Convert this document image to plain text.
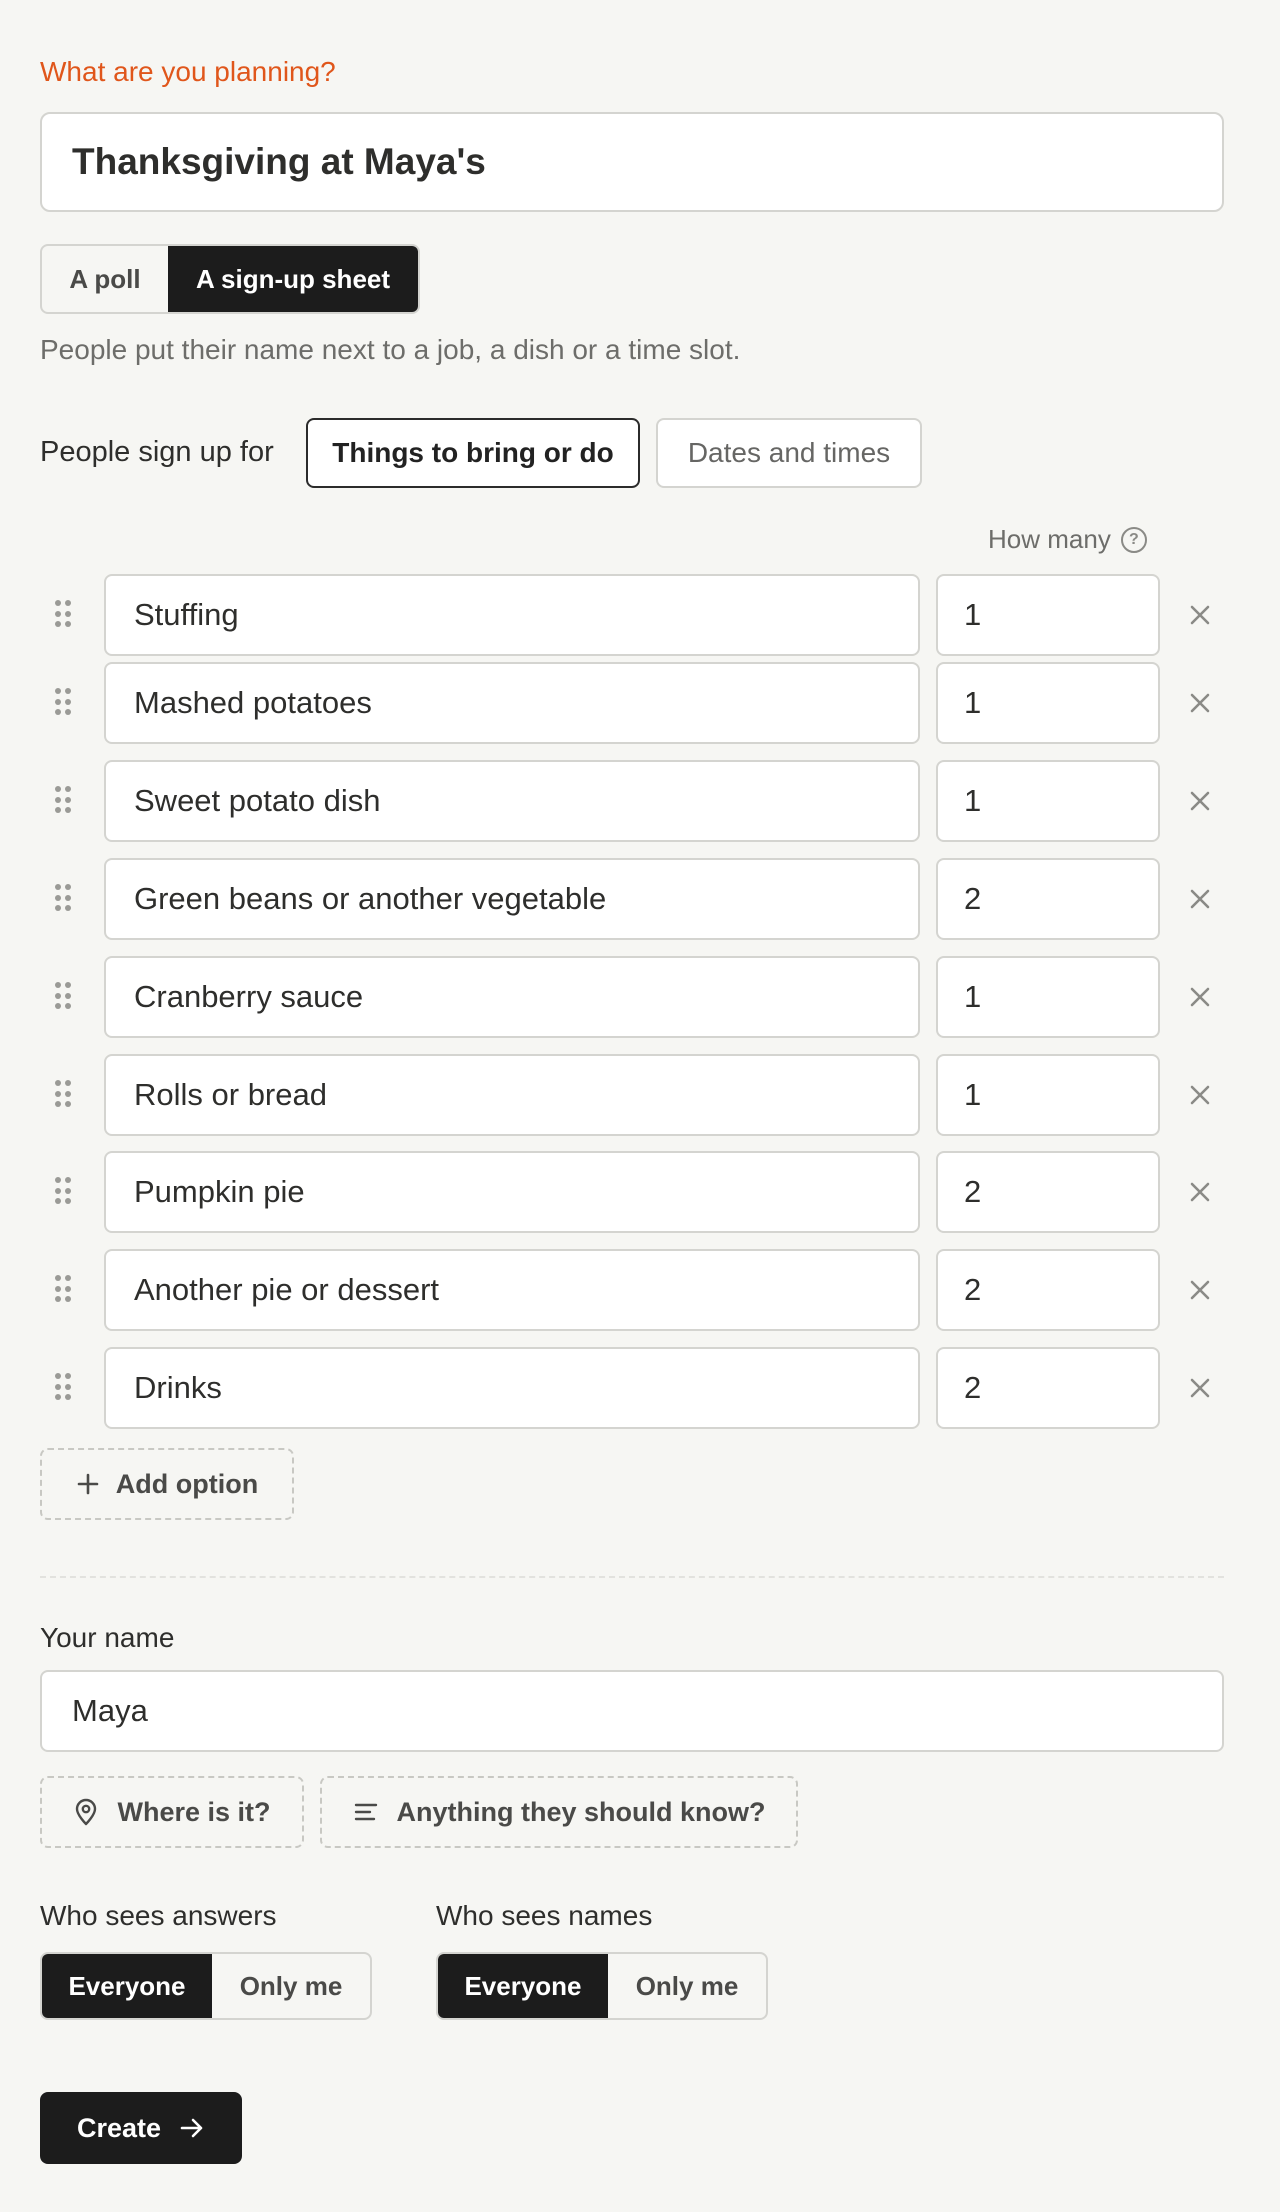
What are you planning?
Thanksgiving at Maya's
A poll	A sign-up sheet
People put their name next to a job, a dish or a time slot.
People sign up for	Things to bring or do	Dates and times
How many	?
Stuffing	1
Mashed potatoes	1
Sweet potato dish	1
Green beans or another vegetable	2
Cranberry sauce	1
Rolls or bread	1
Pumpkin pie	2
Another pie or dessert	2
Drinks	2
Add option
Your name
Maya
Where is it?	Anything they should know?
Who sees answers
Everyone	Only me
Who sees names
Everyone	Only me
Create
